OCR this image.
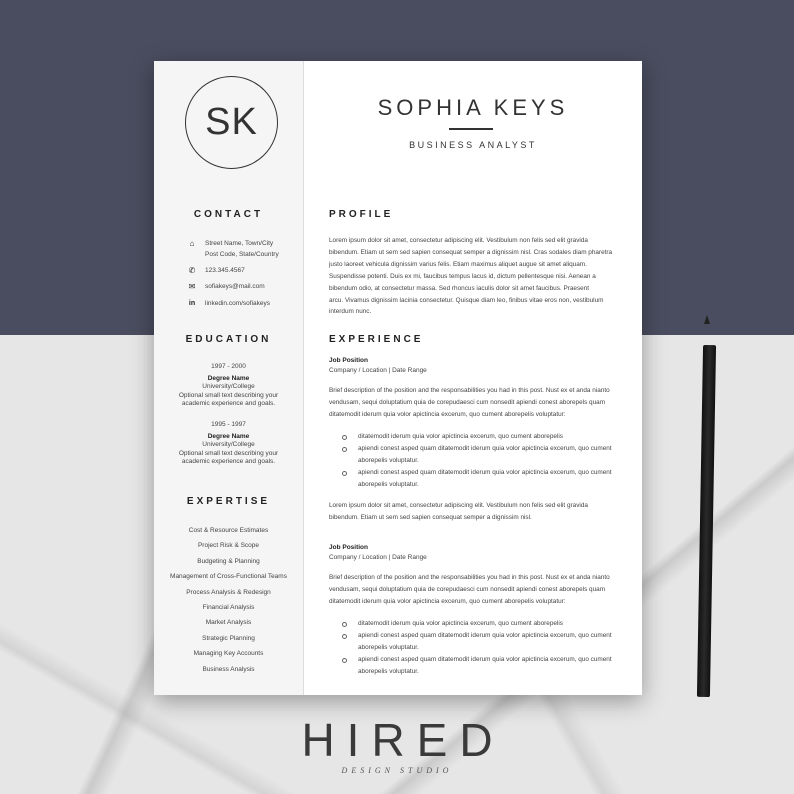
SK
CONTACT
⌂	Street Name, Town/City
Post Code, State/Country
✆	123.345.4567
✉	sofiakeys@mail.com
in	linkedin.com/sofiakeys
EDUCATION
1997 - 2000
Degree Name
University/College
Optional small text describing your
academic experience and goals.
1995 - 1997
Degree Name
University/College
Optional small text describing your
academic experience and goals.
EXPERTISE
Cost & Resource Estimates
Project Risk & Scope
Budgeting & Planning
Management of Cross-Functional Teams
Process Analysis & Redesign
Financial Analysis
Market Analysis
Strategic Planning
Managing Key Accounts
Business Analysis
SOPHIA KEYS
BUSINESS ANALYST
PROFILE
Lorem ipsum dolor sit amet, consectetur adipiscing elit. Vestibulum non felis sed elit gravida
bibendum. Etiam ut sem sed sapien consequat semper a dignissim nisl. Cras sodales diam pharetra
justo laoreet vehicula dignissim varius felis. Etiam maximus aliquet augue sit amet aliquam.
Suspendisse potenti. Duis ex mi, faucibus tempus lacus id, dictum pellentesque nisi. Aenean a
bibendum odio, at consectetur massa. Sed rhoncus iaculis dolor sit amet faucibus. Praesent
arcu. Vivamus dignissim lacinia consectetur. Quisque diam leo, finibus vitae eros non, vestibulum
interdum nunc.
EXPERIENCE
Job Position
Company / Location | Date Range
Brief description of the position and the responsabilities you had in this post. Nust ex et anda nianto
vendusam, sequi doluptatium quia de corepudaesci cum nonsedit apiendi conest aborepels quam
ditatemodit iderum quia volor apictincia excerum, quo cument aborepelis voluptatur:
ditatemodit iderum quia volor apictincia excerum, quo cument aborepelis
apiendi conest asped quam ditatemodit iderum quia volor apictincia excerum, quo cument
aborepelis voluptatur.
apiendi conest asped quam ditatemodit iderum quia volor apictincia excerum, quo cument
aborepelis voluptatur.
Lorem ipsum dolor sit amet, consectetur adipiscing elit. Vestibulum non felis sed elit gravida
bibendum. Etiam ut sem sed sapien consequat semper a dignissim nisl.
Job Position
Company / Location | Date Range
Brief description of the position and the responsabilities you had in this post. Nust ex et anda nianto
vendusam, sequi doluptatium quia de corepudaesci cum nonsedit apiendi conest aborepels quam
ditatemodit iderum quia volor apictincia excerum, quo cument aborepelis voluptatur:
ditatemodit iderum quia volor apictincia excerum, quo cument aborepelis
apiendi conest asped quam ditatemodit iderum quia volor apictincia excerum, quo cument
aborepelis voluptatur.
apiendi conest asped quam ditatemodit iderum quia volor apictincia excerum, quo cument
aborepelis voluptatur.
HIRED
DESIGN STUDIO
